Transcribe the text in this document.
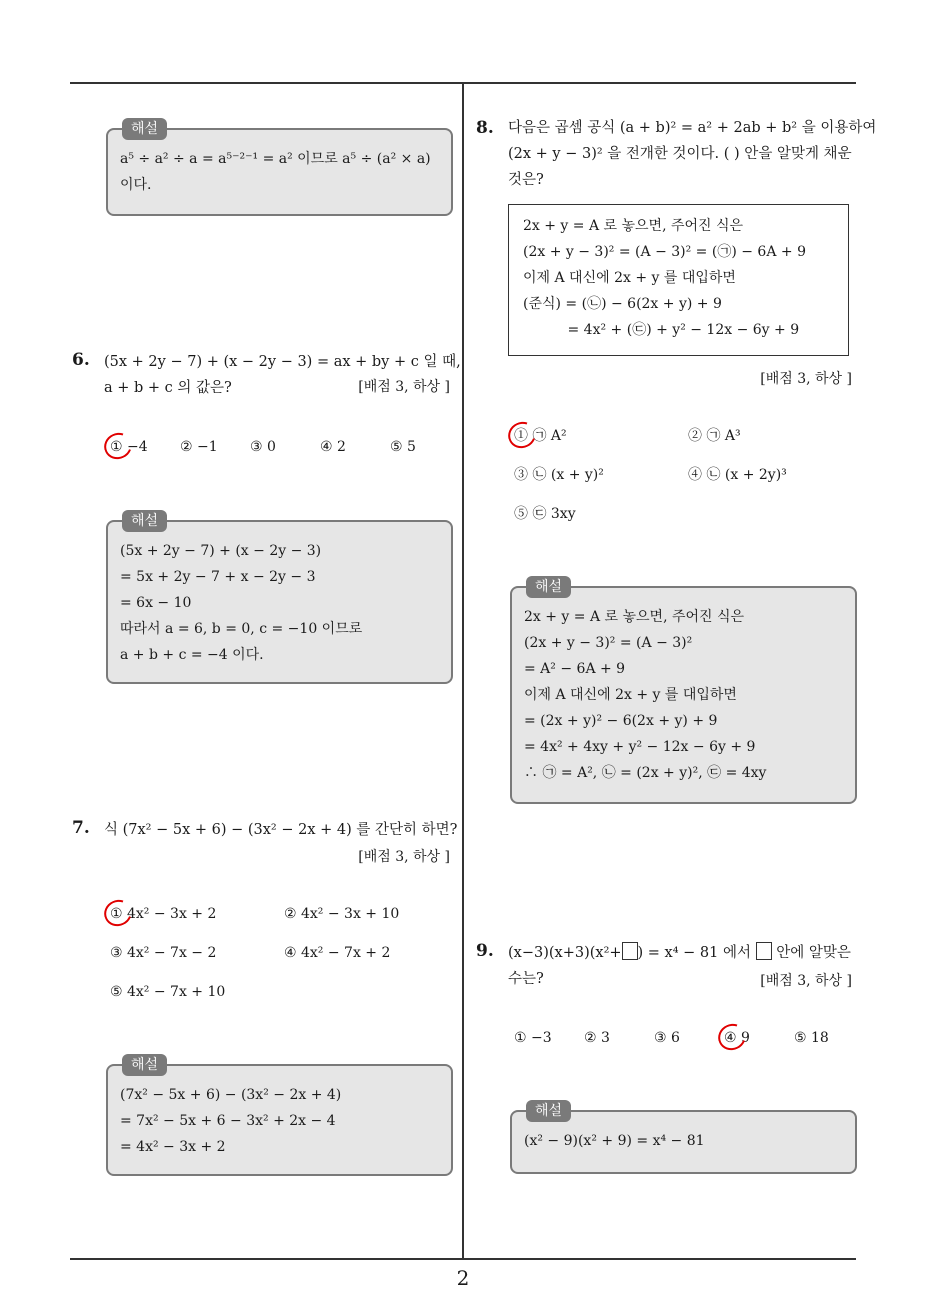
해설
a⁵ ÷ a² ÷ a = a⁵⁻²⁻¹ = a² 이므로 a⁵ ÷ (a² × a)
이다.
6. (5x + 2y − 7) + (x − 2y − 3) = ax + by + c 일 때,
a + b + c 의 값은?	[배점 3, 하상 ]
① −4 ② −1 ③ 0	④ 2	⑤ 5
해설
(5x + 2y − 7) + (x − 2y − 3)
= 5x + 2y − 7 + x − 2y − 3
= 6x − 10
따라서 a = 6, b = 0, c = −10 이므로
a + b + c = −4 이다.
7. 식 (7x² − 5x + 6) − (3x² − 2x + 4) 를 간단히 하면?
[배점 3, 하상 ]
① 4x² − 3x + 2	② 4x² − 3x + 10
③ 4x² − 7x − 2	④ 4x² − 7x + 2
⑤ 4x² − 7x + 10
해설
(7x² − 5x + 6) − (3x² − 2x + 4)
= 7x² − 5x + 6 − 3x² + 2x − 4
= 4x² − 3x + 2
8. 다음은 곱셈 공식 (a + b)² = a² + 2ab + b² 을 이용하여
(2x + y − 3)² 을 전개한 것이다. ( ) 안을 알맞게 채운
것은?
2x + y = A 로 놓으면, 주어진 식은
(2x + y − 3)² = (A − 3)² = (㉠) − 6A + 9
이제 A 대신에 2x + y 를 대입하면
(준식) = (㉡) − 6(2x + y) + 9
= 4x² + (㉢) + y² − 12x − 6y + 9
[배점 3, 하상 ]
① ㉠ A²	② ㉠ A³
③ ㉡ (x + y)²	④ ㉡ (x + 2y)³
⑤ ㉢ 3xy
해설
2x + y = A 로 놓으면, 주어진 식은
(2x + y − 3)² = (A − 3)²
= A² − 6A + 9
이제 A 대신에 2x + y 를 대입하면
= (2x + y)² − 6(2x + y) + 9
= 4x² + 4xy + y² − 12x − 6y + 9
∴ ㉠ = A², ㉡ = (2x + y)², ㉢ = 4xy
9. (x−3)(x+3)(x²+ ) = x⁴ − 81 에서 안에 알맞은
수는?	[배점 3, 하상 ]
① −3 ② 3	③ 6	④ 9	⑤ 18
해설
(x² − 9)(x² + 9) = x⁴ − 81
2
